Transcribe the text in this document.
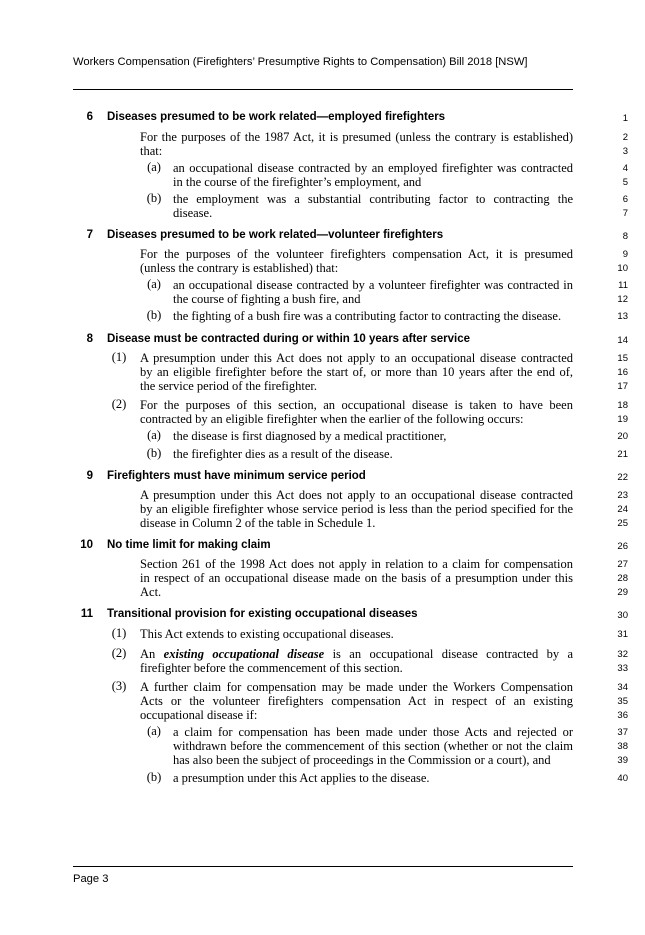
Workers Compensation (Firefighters’ Presumptive Rights to Compensation) Bill 2018 [NSW]
1
2
3
4
5
6
7
8
9
10
11
12
13
14
15
16
17
18
19
20
21
22
23
24
25
26
27
28
29
30
31
32
33
34
35
36
37
38
39
40
6 Diseases presumed to be work related—employed firefighters
For the purposes of the 1987 Act, it is presumed (unless the contrary is established)
that:
(a) an occupational disease contracted by an employed firefighter was contracted
in the course of the firefighter’s employment, and
(b) the employment was a substantial contributing factor to contracting the
disease.
7 Diseases presumed to be work related—volunteer firefighters
For the purposes of the volunteer firefighters compensation Act, it is presumed
(unless the contrary is established) that:
(a) an occupational disease contracted by a volunteer firefighter was contracted in
the course of fighting a bush fire, and
(b) the fighting of a bush fire was a contributing factor to contracting the disease.
8 Disease must be contracted during or within 10 years after service
(1) A presumption under this Act does not apply to an occupational disease contracted
by an eligible firefighter before the start of, or more than 10 years after the end of,
the service period of the firefighter.
(2) For the purposes of this section, an occupational disease is taken to have been
contracted by an eligible firefighter when the earlier of the following occurs:
(a) the disease is first diagnosed by a medical practitioner,
(b) the firefighter dies as a result of the disease.
9 Firefighters must have minimum service period
A presumption under this Act does not apply to an occupational disease contracted
by an eligible firefighter whose service period is less than the period specified for the
disease in Column 2 of the table in Schedule 1.
10 No time limit for making claim
Section 261 of the 1998 Act does not apply in relation to a claim for compensation
in respect of an occupational disease made on the basis of a presumption under this
Act.
11 Transitional provision for existing occupational diseases
(1) This Act extends to existing occupational diseases.
(2) An existing occupational disease is an occupational disease contracted by a
firefighter before the commencement of this section.
(3) A further claim for compensation may be made under the Workers Compensation
Acts or the volunteer firefighters compensation Act in respect of an existing
occupational disease if:
(a) a claim for compensation has been made under those Acts and rejected or
withdrawn before the commencement of this section (whether or not the claim
has also been the subject of proceedings in the Commission or a court), and
(b) a presumption under this Act applies to the disease.
Page 3
